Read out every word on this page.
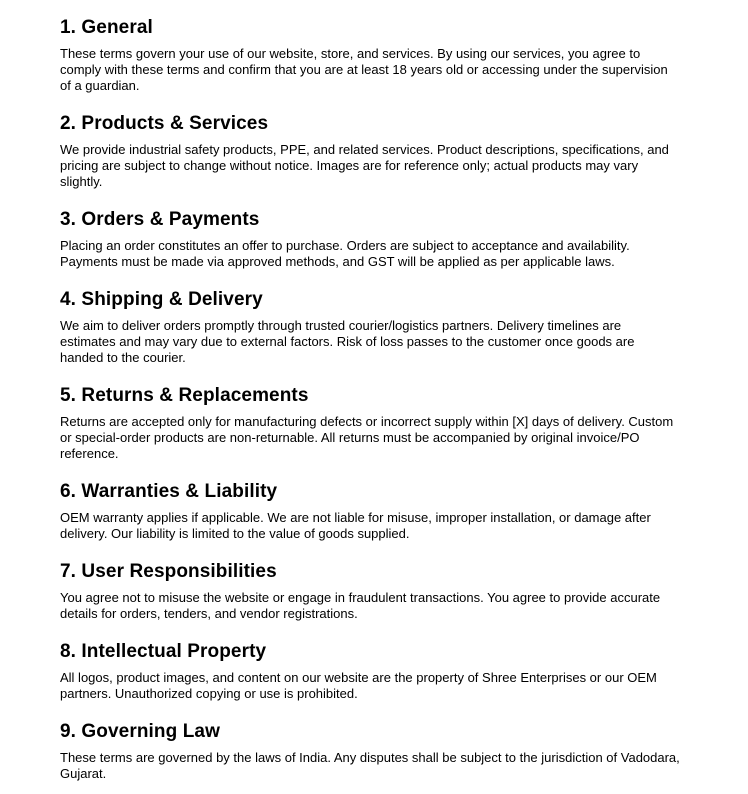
1. General

These terms govern your use of our website, store, and services. By using our services, you agree to comply with these terms and confirm that you are at least 18 years old or accessing under the supervision of a guardian.

2. Products & Services

We provide industrial safety products, PPE, and related services. Product descriptions, specifications, and pricing are subject to change without notice. Images are for reference only; actual products may vary slightly.

3. Orders & Payments

Placing an order constitutes an offer to purchase. Orders are subject to acceptance and availability. Payments must be made via approved methods, and GST will be applied as per applicable laws.

4. Shipping & Delivery

We aim to deliver orders promptly through trusted courier/logistics partners. Delivery timelines are estimates and may vary due to external factors. Risk of loss passes to the customer once goods are handed to the courier.

5. Returns & Replacements

Returns are accepted only for manufacturing defects or incorrect supply within [X] days of delivery. Custom or special-order products are non-returnable. All returns must be accompanied by original invoice/PO reference.

6. Warranties & Liability

OEM warranty applies if applicable. We are not liable for misuse, improper installation, or damage after delivery. Our liability is limited to the value of goods supplied.

7. User Responsibilities

You agree not to misuse the website or engage in fraudulent transactions. You agree to provide accurate details for orders, tenders, and vendor registrations.

8. Intellectual Property

All logos, product images, and content on our website are the property of Shree Enterprises or our OEM partners. Unauthorized copying or use is prohibited.

9. Governing Law

These terms are governed by the laws of India. Any disputes shall be subject to the jurisdiction of Vadodara, Gujarat.
